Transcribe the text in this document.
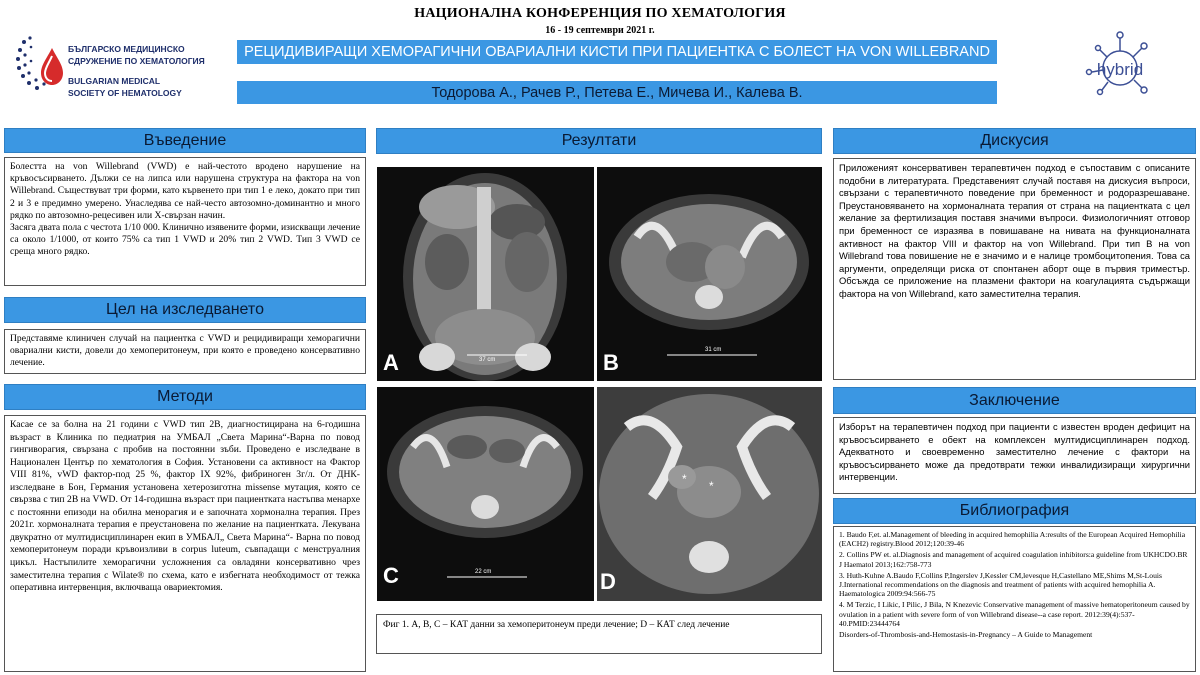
НАЦИОНАЛНА КОНФЕРЕНЦИЯ ПО ХЕМАТОЛОГИЯ
16 - 19 септември 2021 г.
РЕЦИДИВИРАЩИ ХЕМОРАГИЧНИ ОВАРИАЛНИ КИСТИ ПРИ ПАЦИЕНТКА С БОЛЕСТ НА VON WILLEBRAND
Тодорова А., Рачев Р., Петева Е., Мичева И., Калева В.
БЪЛГАРСКО МЕДИЦИНСКО
СДРУЖЕНИЕ ПО ХЕМАТОЛОГИЯ
BULGARIAN MEDICAL
SOCIETY OF HEMATOLOGY
hybrid
Въведение

Болестта на von Willebrand (VWD) е най-честото вродено нарушение на кръвосъсирването. Дължи се на липса или нарушена структура на фактора на von Willebrand. Съществуват три форми, като кървенето при тип 1 е леко, докато при тип 2 и 3 е предимно умерено. Унаследява се най-често автозомно-доминантно и много рядко по автозомно-рецесивен или Х-свързан начин.

Засяга двата пола с честота 1/10 000. Клинично изявените форми, изискващи лечение са около 1/1000, от които 75% са тип 1 VWD и 20% тип 2 VWD. Тип 3 VWD се среща много рядко.

Цел на изследването

Представяме клиничен случай на пациентка с VWD и рецидивиращи хеморагични овариални кисти, довели до хемоперитонеум, при която е проведено консервативно лечение.

Методи

Касае се за болна на 21 години с VWD тип 2B, диагностицирана на 6-годишна възраст в Клиника по педиатрия на УМБАЛ „Света Марина“-Варна по повод гингиворагия, свързана с пробив на постоянни зъби. Проведено е изследване в Национален Център по хематология в София. Установени са активност на Фактор VIII 81%, vWD фактор-под 25 %, фактор IX 92%, фибриноген 3г/л. От ДНК-изследване в Бон, Германия установена хетерозиготна missense мутация, която се свързва с тип 2В на VWD. От 14-годишна възраст при пациентката настъпва менархе с постоянни епизоди на обилна менорагия и е започната хормонална терапия. През 2021г. хормоналната терапия е преустановена по желание на пациентката. Лекувана двукратно от мултидисциплинарен екип в УМБАЛ„ Света Марина“- Варна по повод хемоперитонеум поради кръвоизливи в corpus luteum, съвпадащи с менструалния цикъл. Настъпилите хеморагични усложнения са овладяни консервативно чрез заместителна терапия с Wilate® по схема, като е избегната необходимост от тежка оперативна интервенция, включваща овариектомия.

Резултати
37 cm
A	31 cm
B
22 cm
C
* *
D
Фиг 1. A, B, C – КАТ данни за хемоперитонеум преди лечение; D – КАТ след лечение
Дискусия

Приложеният консервативен терапевтичен подход е съпоставим с описаните подобни в литературата. Представеният случай поставя на дискусия въпроси, свързани с терапевтичното поведение при бременност и родоразрешаване. Преустановяването на хормоналната терапия от страна на пациентката с цел желание за фертилизация поставя значими въпроси. Физиологичният отговор при бременност се изразява в повишаване на нивата на функционалната активност на фактор VIII и фактор на von Willebrand. При тип В на von Willebrand това повишение не е значимо и е налице тромбоцитопения. Това са аргументи, определящи риска от спонтанен аборт още в първия триместър. Обсъжда се приложение на плазмени фактори на коагулацията съдържащи фактора на von Willebrand, като заместителна терапия.

Заключение

Изборът на терапевтичен подход при пациенти с известен вроден дефицит на кръвосъсирването е обект на комплексен мултидисциплинарен подход. Адекватното и своевременно заместително лечение с фактори на кръвосъсирването може да предотврати тежки инвалидизиращи хирургични интервенции.

Библиография
1. Baudo F,et. al.Management of bleeding in acquired hemophilia A:results of the European Acquired Hemophilia (EACH2) registry.Blood 2012;120:39-46
2. Collins PW et. al.Diagnosis and management of acquired coagulation inhibitors:a guideline from UKHCDO.BR J Haematol 2013;162:758-773
3. Huth-Kuhne A.Baudo F,Collins P,Ingerslev J,Kessler CM,levesque H,Castellano ME,Shims M,St-Louis J.International recommendations on the diagnosis and treatment of patients with acquired hemophilia A. Haematologica 2009:94:566-75
4. M Terzic, I Likic, I Pilic, J Bila, N Knezevic Conservative management of massive hematoperitoneum caused by ovulation in a patient with severe form of von Willebrand disease--a case report. 2012:39(4):537-40.PMID:23444764
Disorders-of-Thrombosis-and-Hemostasis-in-Pregnancy – A Guide to Management
